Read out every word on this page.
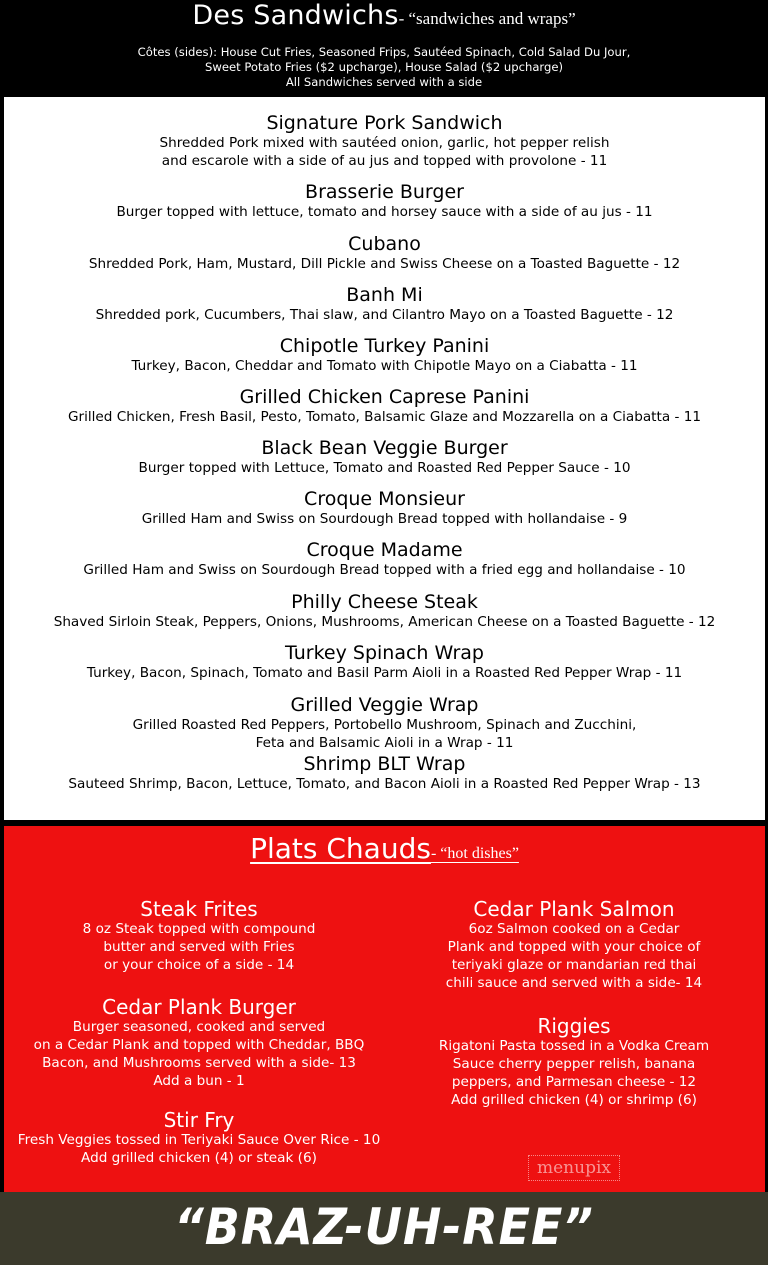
Des Sandwichs- “sandwiches and wraps”
Côtes (sides): House Cut Fries, Seasoned Frips, Sautéed Spinach, Cold Salad Du Jour,
Sweet Potato Fries ($2 upcharge), House Salad ($2 upcharge)
All Sandwiches served with a side
Signature Pork Sandwich
Shredded Pork mixed with sautéed onion, garlic, hot pepper relish
and escarole with a side of au jus and topped with provolone - 11
Brasserie Burger
Burger topped with lettuce, tomato and horsey sauce with a side of au jus - 11
Cubano
Shredded Pork, Ham, Mustard, Dill Pickle and Swiss Cheese on a Toasted Baguette - 12
Banh Mi
Shredded pork, Cucumbers, Thai slaw, and Cilantro Mayo on a Toasted Baguette - 12
Chipotle Turkey Panini
Turkey, Bacon, Cheddar and Tomato with Chipotle Mayo on a Ciabatta - 11
Grilled Chicken Caprese Panini
Grilled Chicken, Fresh Basil, Pesto, Tomato, Balsamic Glaze and Mozzarella on a Ciabatta - 11
Black Bean Veggie Burger
Burger topped with Lettuce, Tomato and Roasted Red Pepper Sauce - 10
Croque Monsieur
Grilled Ham and Swiss on Sourdough Bread topped with hollandaise - 9
Croque Madame
Grilled Ham and Swiss on Sourdough Bread topped with a fried egg and hollandaise - 10
Philly Cheese Steak
Shaved Sirloin Steak, Peppers, Onions, Mushrooms, American Cheese on a Toasted Baguette - 12
Turkey Spinach Wrap
Turkey, Bacon, Spinach, Tomato and Basil Parm Aioli in a Roasted Red Pepper Wrap - 11
Grilled Veggie Wrap
Grilled Roasted Red Peppers, Portobello Mushroom, Spinach and Zucchini,
Feta and Balsamic Aioli in a Wrap - 11
Shrimp BLT Wrap
Sauteed Shrimp, Bacon, Lettuce, Tomato, and Bacon Aioli in a Roasted Red Pepper Wrap - 13
Plats Chauds- “hot dishes”
Steak Frites
8 oz Steak topped with compound
butter and served with Fries
or your choice of a side - 14
Cedar Plank Burger
Burger seasoned, cooked and served
on a Cedar Plank and topped with Cheddar, BBQ
Bacon, and Mushrooms served with a side- 13
Add a bun - 1
Stir Fry
Fresh Veggies tossed in Teriyaki Sauce Over Rice - 10
Add grilled chicken (4) or steak (6)
Cedar Plank Salmon
6oz Salmon cooked on a Cedar
Plank and topped with your choice of
teriyaki glaze or mandarian red thai
chili sauce and served with a side- 14
Riggies
Rigatoni Pasta tossed in a Vodka Cream
Sauce cherry pepper relish, banana
peppers, and Parmesan cheese - 12
Add grilled chicken (4) or shrimp (6)
menupix
“BRAZ-UH-REE”
